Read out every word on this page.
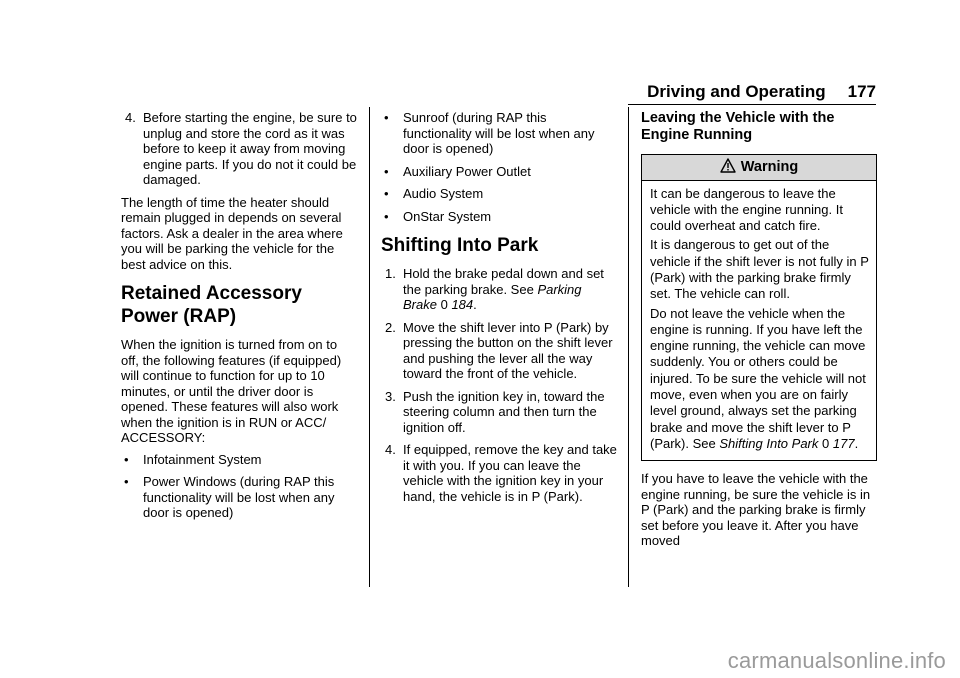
Driving and Operating 177
4. Before starting the engine, be sure to unplug and store the cord as it was before to keep it away from moving engine parts. If you do not it could be damaged.

The length of time the heater should remain plugged in depends on several factors. Ask a dealer in the area where you will be parking the vehicle for the best advice on this.

Retained Accessory
Power (RAP)

When the ignition is turned from on to off, the following features (if equipped) will continue to function for up to 10 minutes, or until the driver door is opened. These features will also work when the ignition is in RUN or ACC/ ACCESSORY:

• Infotainment System
• Power Windows (during RAP this functionality will be lost when any door is opened)
• Sunroof (during RAP this functionality will be lost when any door is opened)
• Auxiliary Power Outlet
• Audio System
• OnStar System
Shifting Into Park
1. Hold the brake pedal down and set the parking brake. See Parking Brake 0 184.
2. Move the shift lever into P (Park) by pressing the button on the shift lever and pushing the lever all the way toward the front of the vehicle.
3. Push the ignition key in, toward the steering column and then turn the ignition off.
4. If equipped, remove the key and take it with you. If you can leave the vehicle with the ignition key in your hand, the vehicle is in P (Park).
Leaving the Vehicle with the Engine Running
Warning

It can be dangerous to leave the vehicle with the engine running. It could overheat and catch fire.

It is dangerous to get out of the vehicle if the shift lever is not fully in P (Park) with the parking brake firmly set. The vehicle can roll.

Do not leave the vehicle when the engine is running. If you have left the engine running, the vehicle can move suddenly. You or others could be injured. To be sure the vehicle will not move, even when you are on fairly level ground, always set the parking brake and move the shift lever to P (Park). See Shifting Into Park 0 177.

If you have to leave the vehicle with the engine running, be sure the vehicle is in P (Park) and the parking brake is firmly set before you leave it. After you have moved

carmanualsonline.info
